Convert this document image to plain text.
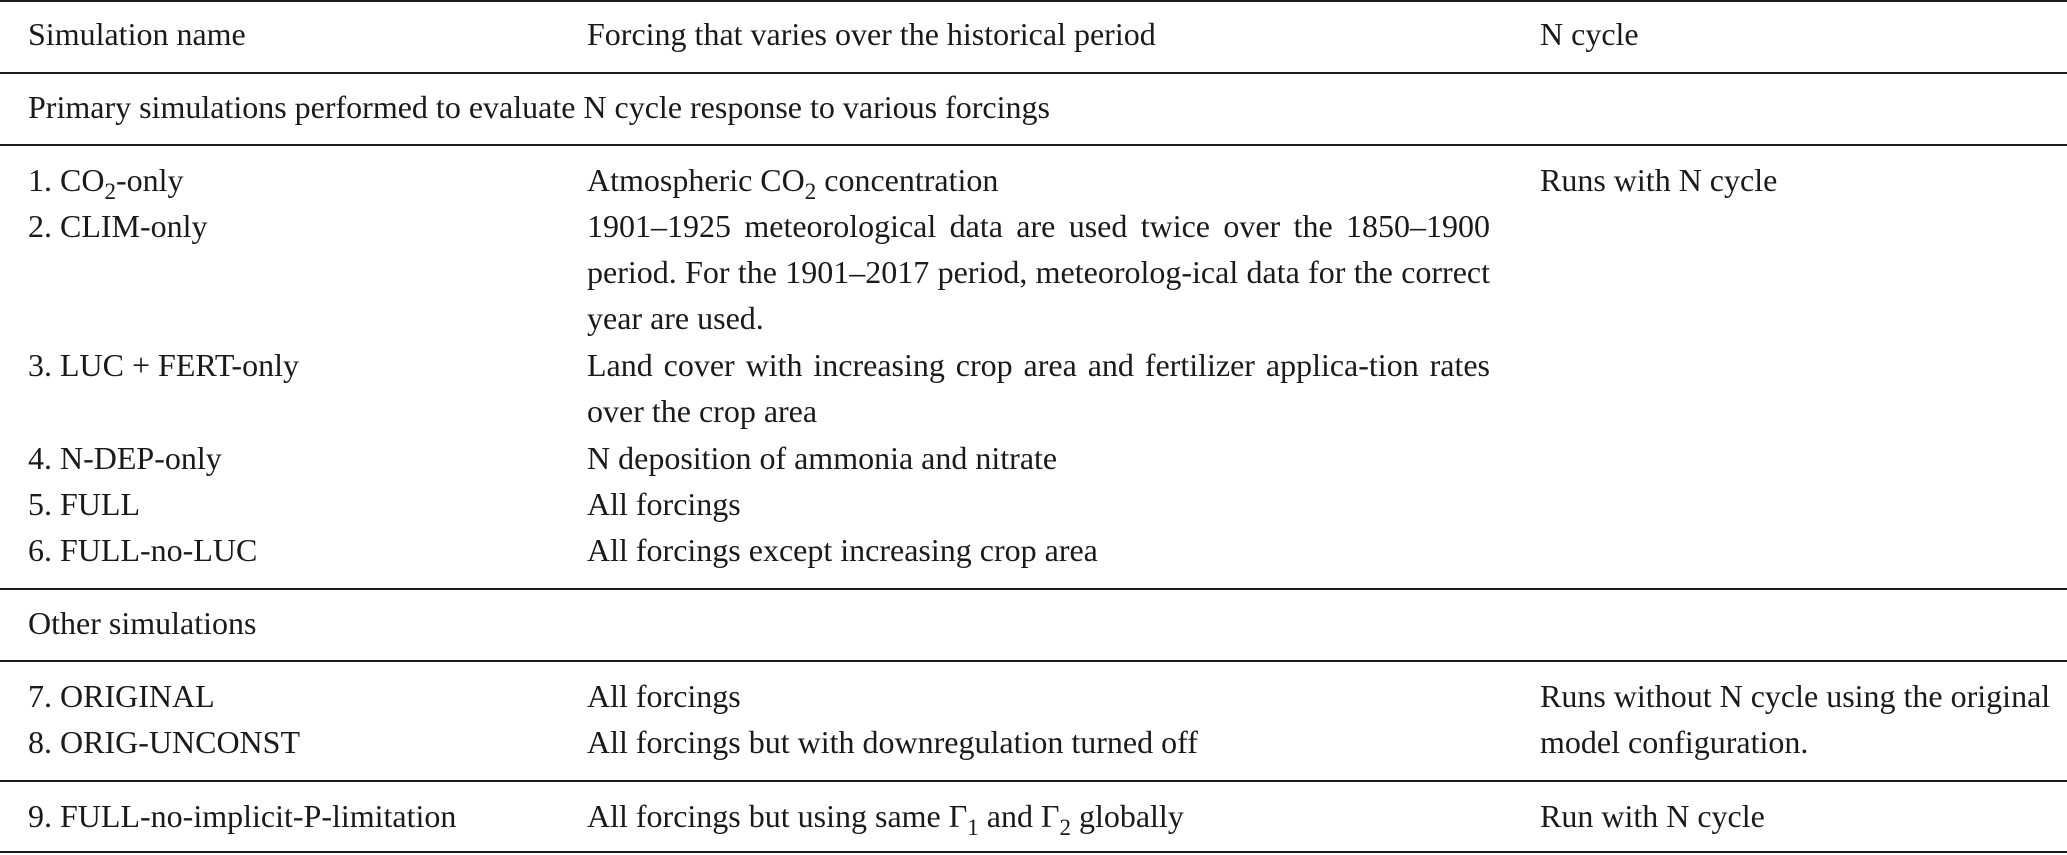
Simulation name	Forcing that varies over the historical period	N cycle
Primary simulations performed to evaluate N cycle response to various forcings
1. $CO_2$-only	Atmospheric $CO_2$ concentration	Runs with N cycle
2. CLIM-only	1901–1925 meteorological data are used twice over the 1850–1900 period. For the 1901–2017 period, meteorolog-ical data for the correct year are used.
3. LUC + FERT-only	Land cover with increasing crop area and fertilizer applica-tion rates over the crop area
4. N-DEP-only	N deposition of ammonia and nitrate
5. FULL	All forcings
6. FULL-no-LUC	All forcings except increasing crop area
Other simulations
7. ORIGINAL	All forcings	Runs without N cycle using the original model configuration.
8. ORIG-UNCONST	All forcings but with downregulation turned off
9. FULL-no-implicit-P-limitation	All forcings but using same $\Gamma_1$ and $\Gamma_2$ globally	Run with N cycle
